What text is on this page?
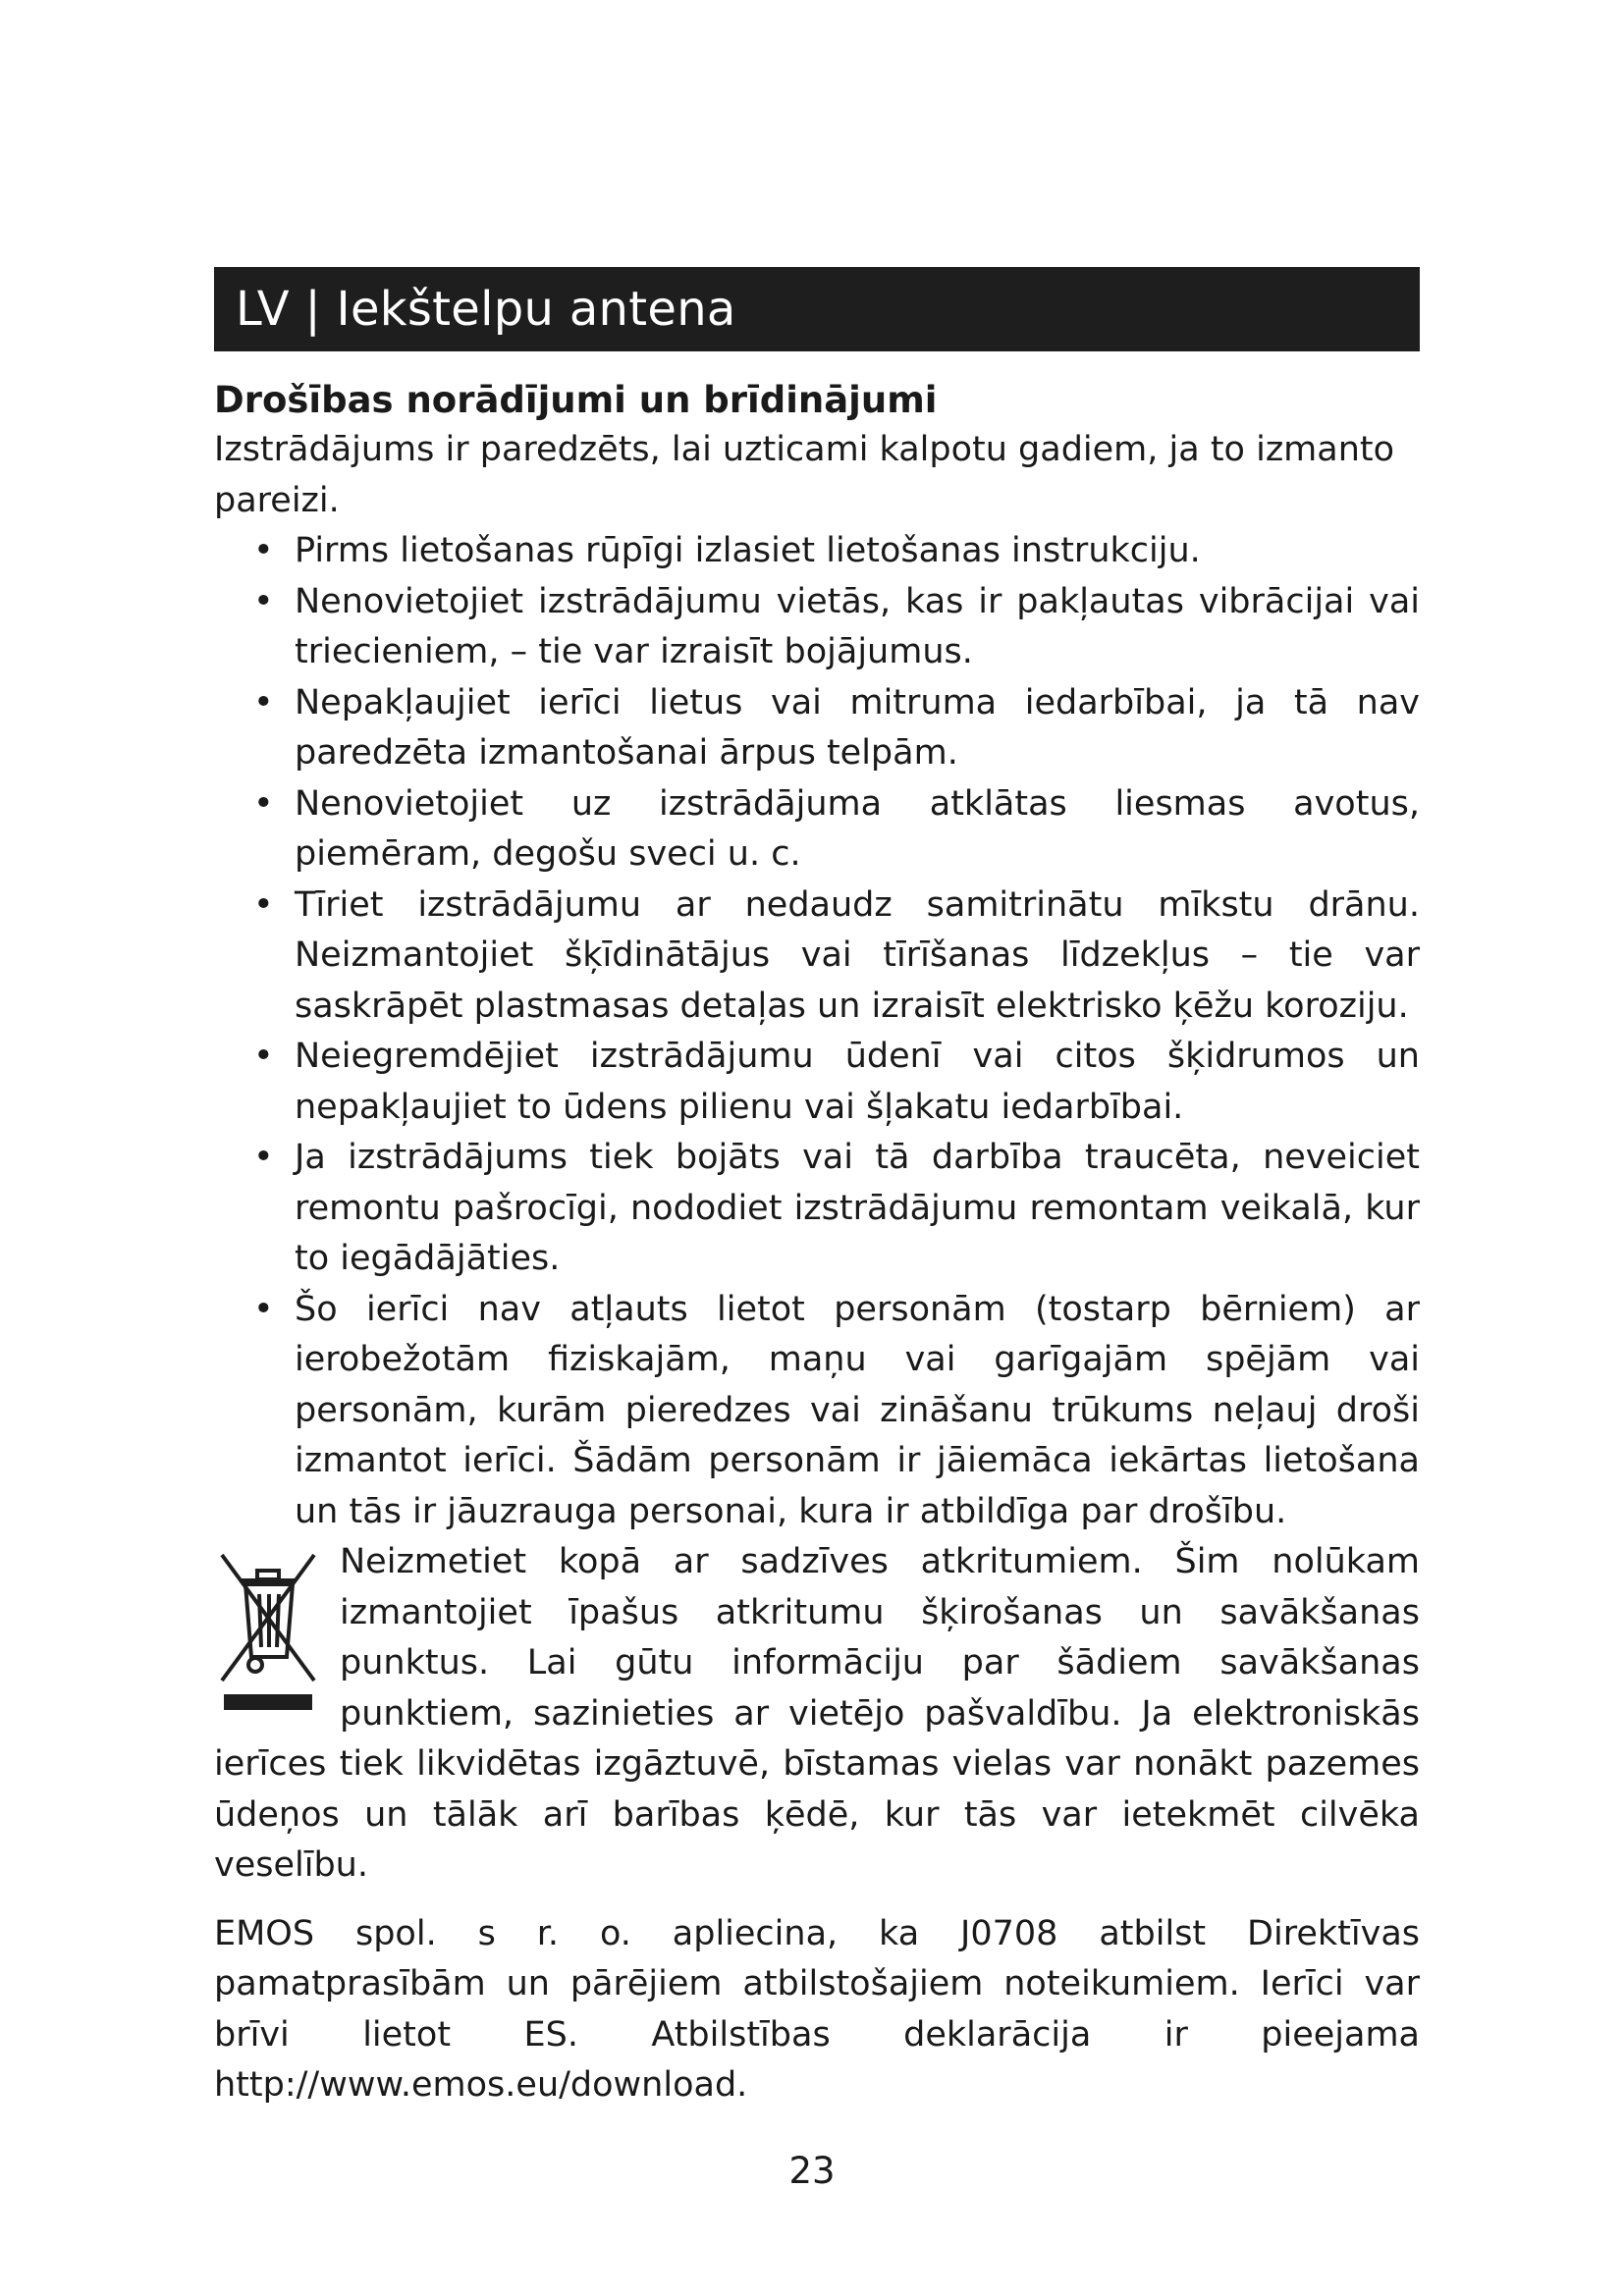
LV | Iekštelpu antena
Drošības norādījumi un brīdinājumi

Izstrādājums ir paredzēts, lai uzticami kalpotu gadiem, ja to izmanto pareizi.

• Pirms lietošanas rūpīgi izlasiet lietošanas instrukciju.
• Nenovietojiet izstrādājumu vietās, kas ir pakļautas vibrācijai vai triecieniem, – tie var izraisīt bojājumus.
• Nepakļaujiet ierīci lietus vai mitruma iedarbībai, ja tā nav paredzēta izmantošanai ārpus telpām.
• Nenovietojiet uz izstrādājuma atklātas liesmas avotus, piemēram, degošu sveci u. c.
• Tīriet izstrādājumu ar nedaudz samitrinātu mīkstu drānu. Neizmantojiet šķīdinātājus vai tīrīšanas līdzekļus – tie var saskrāpēt plastmasas detaļas un izraisīt elektrisko ķēžu koroziju.
• Neiegremdējiet izstrādājumu ūdenī vai citos šķidrumos un nepakļaujiet to ūdens pilienu vai šļakatu iedarbībai.
• Ja izstrādājums tiek bojāts vai tā darbība traucēta, neveiciet remontu pašrocīgi, nododiet izstrādājumu remontam veikalā, kur to iegādājāties.
• Šo ierīci nav atļauts lietot personām (tostarp bērniem) ar ierobežotām fiziskajām, maņu vai garīgajām spējām vai personām, kurām pieredzes vai zināšanu trūkums neļauj droši izmantot ierīci. Šādām personām ir jāiemāca iekārtas lietošana un tās ir jāuzrauga personai, kura ir atbildīga par drošību.

Neizmetiet kopā ar sadzīves atkritumiem. Šim nolūkam izmantojiet īpašus atkritumu šķirošanas un savākšanas punktus. Lai gūtu informāciju par šādiem savākšanas punktiem, sazinieties ar vietējo pašvaldību. Ja elektroniskās ierīces tiek likvidētas izgāztuvē, bīstamas vielas var nonākt pazemes ūdeņos un tālāk arī barības ķēdē, kur tās var ietekmēt cilvēka veselību.

EMOS spol. s r. o. apliecina, ka J0708 atbilst Direktīvas pamatprasībām un pārējiem atbilstošajiem noteikumiem. Ierīci var brīvi lietot ES. Atbilstības deklarācija ir pieejama http://www.emos.eu/download.

23
